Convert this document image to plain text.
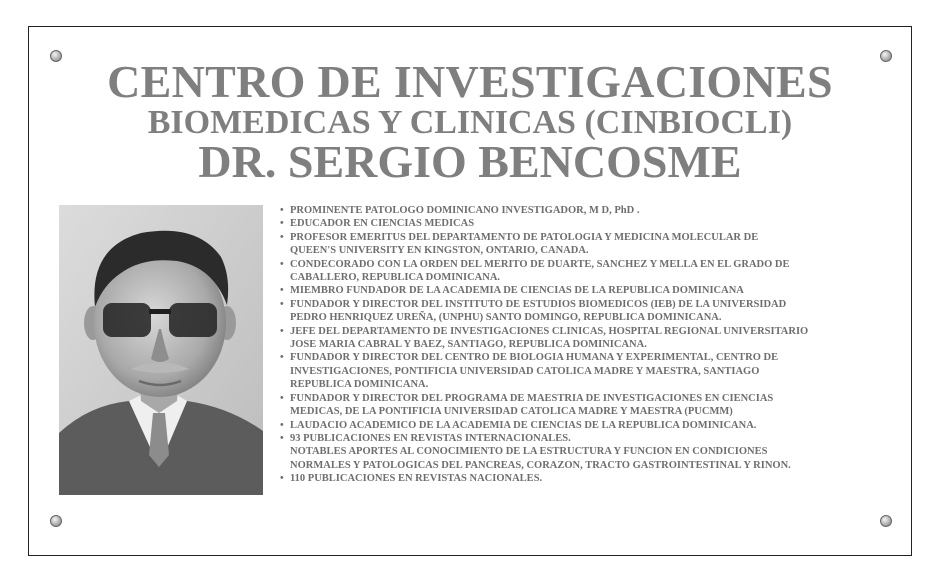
CENTRO DE INVESTIGACIONES
BIOMEDICAS Y CLINICAS (CINBIOCLI)
DR. SERGIO BENCOSME
• PROMINENTE PATOLOGO DOMINICANO INVESTIGADOR, M D, PhD .
• EDUCADOR EN CIENCIAS MEDICAS
• PROFESOR EMERITUS DEL DEPARTAMENTO DE PATOLOGIA Y MEDICINA MOLECULAR DE
QUEEN'S UNIVERSITY EN KINGSTON, ONTARIO, CANADA.
• CONDECORADO CON LA ORDEN DEL MERITO DE DUARTE, SANCHEZ Y MELLA EN EL GRADO DE
CABALLERO, REPUBLICA DOMINICANA.
• MIEMBRO FUNDADOR DE LA ACADEMIA DE CIENCIAS DE LA REPUBLICA DOMINICANA
• FUNDADOR Y DIRECTOR DEL INSTITUTO DE ESTUDIOS BIOMEDICOS (IEB) DE LA UNIVERSIDAD
PEDRO HENRIQUEZ UREÑA, (UNPHU) SANTO DOMINGO, REPUBLICA DOMINICANA.
• JEFE DEL DEPARTAMENTO DE INVESTIGACIONES CLINICAS, HOSPITAL REGIONAL UNIVERSITARIO
JOSE MARIA CABRAL Y BAEZ, SANTIAGO, REPUBLICA DOMINICANA.
• FUNDADOR Y DIRECTOR DEL CENTRO DE BIOLOGIA HUMANA Y EXPERIMENTAL, CENTRO DE
INVESTIGACIONES, PONTIFICIA UNIVERSIDAD CATOLICA MADRE Y MAESTRA, SANTIAGO
REPUBLICA DOMINICANA.
• FUNDADOR Y DIRECTOR DEL PROGRAMA DE MAESTRIA DE INVESTIGACIONES EN CIENCIAS
MEDICAS, DE LA PONTIFICIA UNIVERSIDAD CATOLICA MADRE Y MAESTRA (PUCMM)
• LAUDACIO ACADEMICO DE LA ACADEMIA DE CIENCIAS DE LA REPUBLICA DOMINICANA.
• 93 PUBLICACIONES EN REVISTAS INTERNACIONALES.
NOTABLES APORTES AL CONOCIMIENTO DE LA ESTRUCTURA Y FUNCION EN CONDICIONES
NORMALES Y PATOLOGICAS DEL PANCREAS, CORAZON, TRACTO GASTROINTESTINAL Y RINON.
• 110 PUBLICACIONES EN REVISTAS NACIONALES.
